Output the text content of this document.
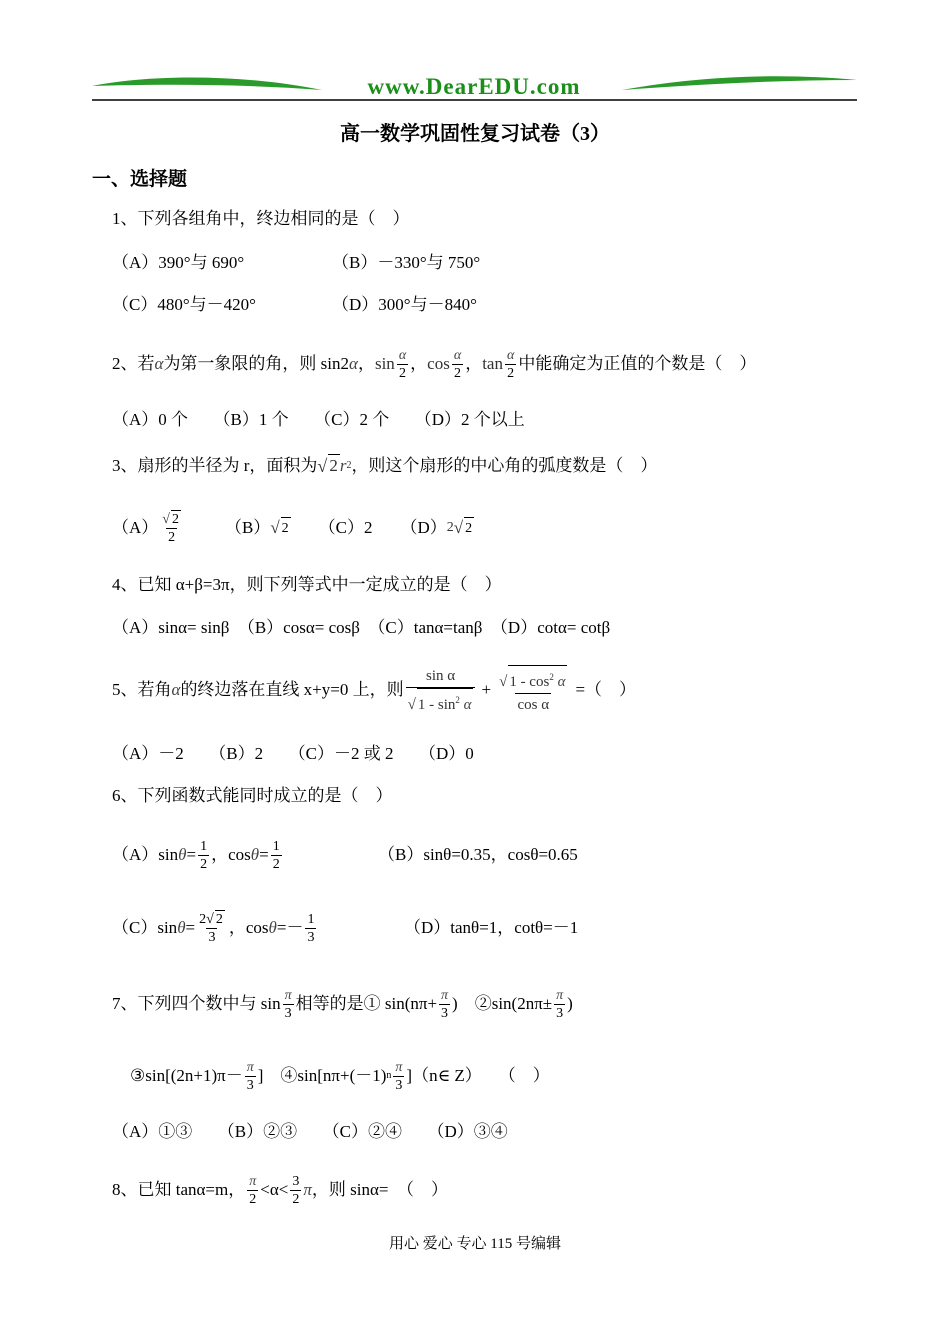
www.DearEDU.com
高一数学巩固性复习试卷（3）
一、选择题
1、下列各组角中，终边相同的是（　）
（A）390°与 690°	（B）－330°与 750°
（C）480°与－420°	（D）300°与－840°
2、若 α 为第一象限的角，则 sin2 α ， $\sin \frac{\alpha}{2}$ ， $\cos \frac{\alpha}{2}$ ， $\tan \frac{\alpha}{2}$ 中能确定为正值的个数是（　）
（A）0 个　　（B）1 个　　（C）2 个　　（D）2 个以上
3、扇形的半径为 r，面积为 √ 2 r 2 ，则这个扇形的中心角的弧度数是（　）
$(A) \frac{√ 2}{2} (B)$ √ 2 （C）2 （D） 2 √ 2
4、已知 α+β=3π，则下列等式中一定成立的是（　）
（A）sinα= sinβ　（B）cosα= cosβ　（C）tanα=tanβ　（D）cotα= cotβ
5、若角 α 的终边落在直线 x+y=0 上，则 $\frac{\text{sin α}}{√ 1 - \sin^2 \alpha} + \frac{√ 1 - \cos^2 \alpha}{\text{cos α}}$ =（　）
（A）－2　　（B）2　　（C）－2 或 2　　（D）0
6、下列函数式能同时成立的是（　）
（A）sin $\theta = \frac{1}{2}$ ，$\cos \theta = \frac{1}{2}$	（B）sinθ=0.35，cosθ=0.65
（C）sin $\theta = \frac{2√ 2}{3}$ ，$\cos \theta =- \frac{1}{3}$	（D）tanθ=1，cotθ=－1
7、下列四个数中与 $\sin \frac{\pi}{3}$ 相等的是① $\sin(n\pi+ \frac{\pi}{3}$ )　②sin(2nπ± $\frac{\pi}{3}$ )
③sin[(2n+1)π－ $\frac{\pi}{3}$ ]　④sin[nπ+(－1) n $\frac{\pi}{3}$ ]（n∈ Z）　　（　）
（A）①③　　（B）②③　　（C）②④　　（D）③④
8、已知 tanα=m， $\frac{\pi}{2} <\alpha< \frac{3}{2}$ π ，则 sinα=　（　）
用心 爱心 专心 115 号编辑
